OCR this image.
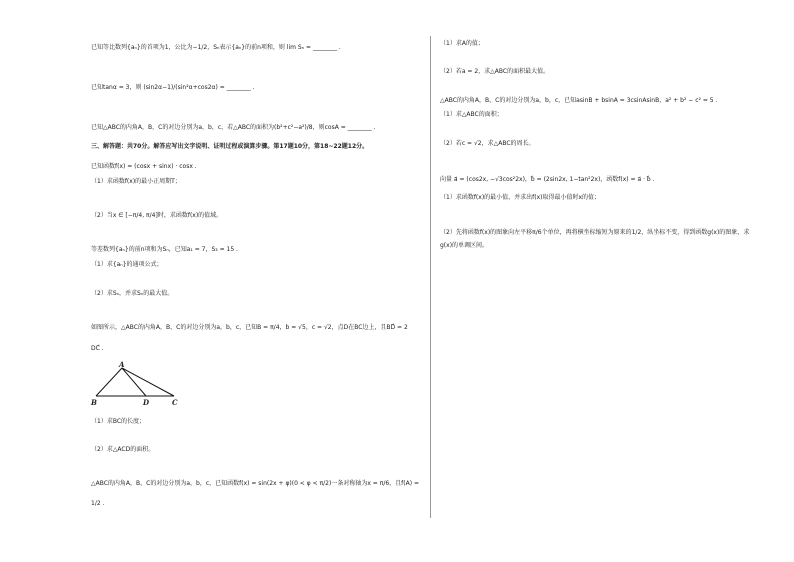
已知等比数列{aₙ}的首项为1，公比为−1/2，Sₙ表示{aₙ}的前n项和，则 lim Sₙ = ________ .
已知tanα = 3，则 (sin2α−1)/(sin²α+cos2α) = ________ .
已知△ABC的内角A，B，C的对边分别为a，b，c，若△ABC的面积为(b²+c²−a²)/8，则cosA = ________ .
三、解答题：共70分。解答应写出文字说明、证明过程或演算步骤。第17题10分，第18~22题12分。
已知函数f(x) = (cosx + sinx) · cosx .
（1）求函数f(x)的最小正周期T；
（2）当x ∈ [−π/4, π/4]时，求函数f(x)的值域。
等差数列{aₙ}的前n项和为Sₙ，已知a₁ = 7，S₃ = 15 .
（1）求{aₙ}的通项公式；
（2）求Sₙ，并求Sₙ的最大值。
如图所示，△ABC的内角A，B，C的对边分别为a，b，c，已知B = π/4，b = √5，c = √2，点D在BC边上，且BD⃗ = 2
DC⃗ .
A
B	D	C
（1）求BC的长度；
（2）求△ACD的面积。
△ABC的内角A，B，C的对边分别为a，b，c，已知函数f(x) = sin(2x + φ)(0 < φ < π/2)一条对称轴为x = π/6，且f(A) =
1/2 .
（1）求A的值；
（2）若a = 2，求△ABC的面积最大值。
△ABC的内角A，B，C的对边分别为a，b，c，已知asinB + bsinA = 3csinAsinB，a² + b² − c² = 5 .
（1）求△ABC的面积；
（2）若c = √2，求△ABC的周长。
向量 a⃗ = (cos2x, −√3cos²2x)，b⃗ = (2sin2x, 1−tan²2x)，函数f(x) = a⃗ · b⃗ .
（1）求函数f(x)的最小值，并求出f(x)取得最小值时x的值；
（2）先将函数f(x)的图象向左平移π/6个单位，再将横坐标缩短为原来的1/2，纵坐标不变，得到函数g(x)的图象，求
g(x)的单调区间。
